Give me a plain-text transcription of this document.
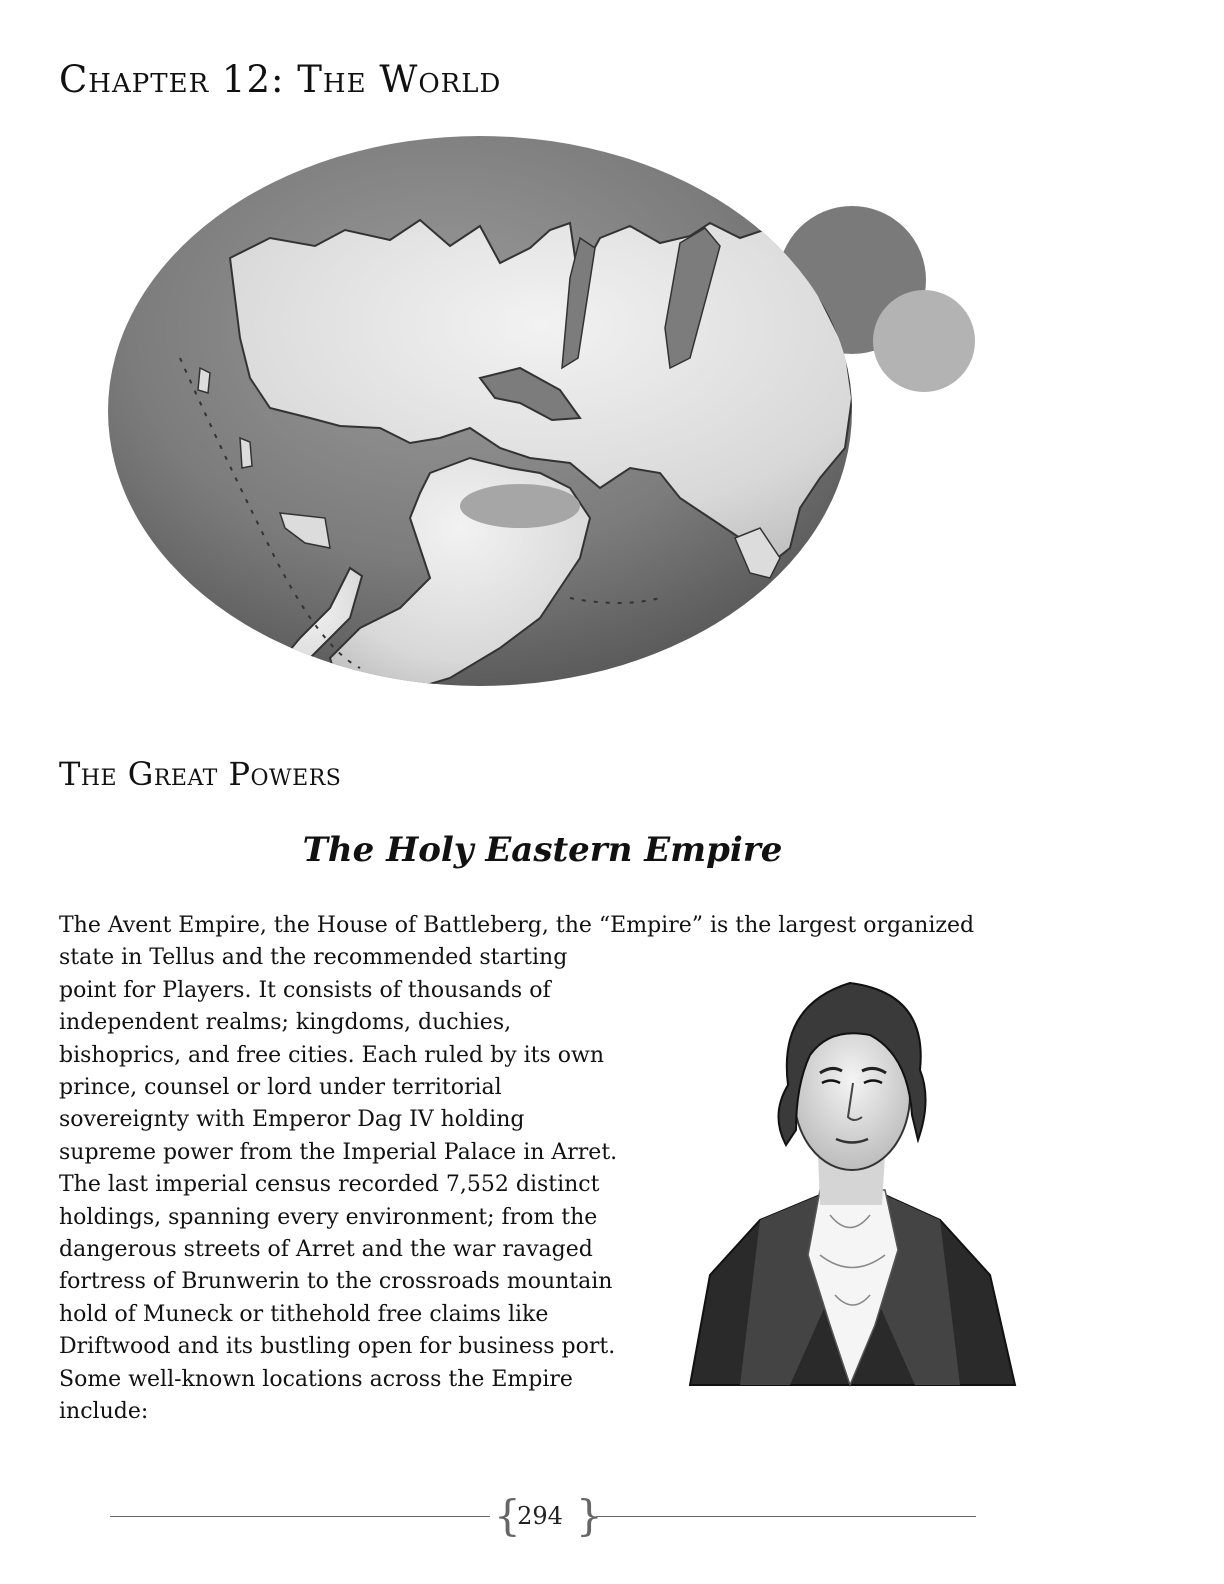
Chapter 12: The World
The Great Powers
The Holy Eastern Empire
The Avent Empire, the House of Battleberg, the “Empire” is the largest organized
state in Tellus and the recommended starting
point for Players. It consists of thousands of
independent realms; kingdoms, duchies,
bishoprics, and free cities. Each ruled by its own
prince, counsel or lord under territorial
sovereignty with Emperor Dag IV holding
supreme power from the Imperial Palace in Arret.
The last imperial census recorded 7,552 distinct
holdings, spanning every environment; from the
dangerous streets of Arret and the war ravaged
fortress of Brunwerin to the crossroads mountain
hold of Muneck or tithehold free claims like
Driftwood and its bustling open for business port.
Some well-known locations across the Empire
include:
{
294 }
